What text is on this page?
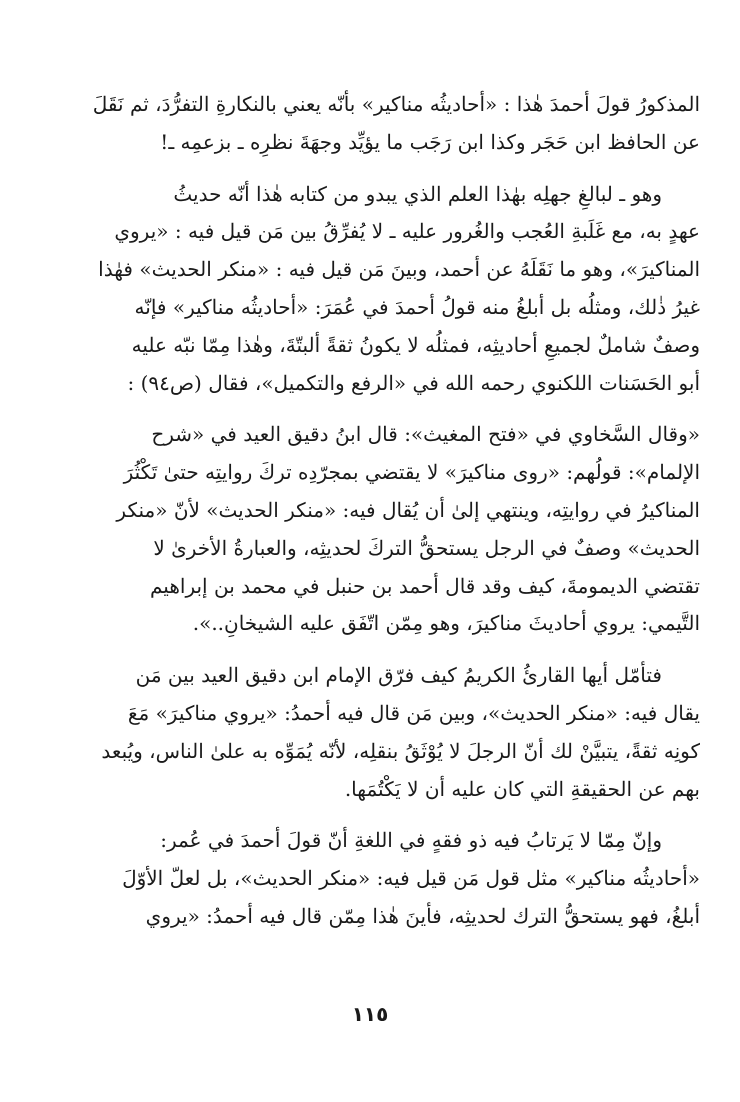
المذكورُ قولَ أحمدَ هٰذا : «أحاديثُه مناكير» بأنّه يعني بالنكارةِ التفرُّدَ، ثم نَقَلَ
عن الحافظ ابن حَجَر وكذا ابن رَجَب ما يؤيِّد وجهَةَ نظرِه ـ بزعمِه ـ!
وهو ـ لبالغِ جهلِه بهٰذا العلم الذي يبدو من كتابه هٰذا أنّه حديثُ
عهدٍ به، مع غَلَبةِ العُجب والغُرور عليه ـ لا يُفرِّقُ بين مَن قيل فيه : «يروي
المناكيرَ»، وهو ما نَقَلَهُ عن أحمد، وبينَ مَن قيل فيه : «منكر الحديث» فهٰذا
غيرُ ذٰلك، ومثلُه بل أبلغُ منه قولُ أحمدَ في عُمَرَ: «أحاديثُه مناكير» فإنّه
وصفٌ شاملٌ لجميعِ أحاديثِه، فمثلُه لا يكونُ ثقةً ألبتّةَ، وهٰذا مِمّا نبّه عليه
أبو الحَسَنات اللكنوي رحمه الله في «الرفع والتكميل»، فقال (ص٩٤) :
«وقال السَّخاوي في «فتح المغيث»: قال ابنُ دقيق العيد في «شرح
الإلمام»: قولُهم: «روى مناكيرَ» لا يقتضي بمجرّدِه تركَ روايتِه حتىٰ تَكْثُرَ
المناكيرُ في روايتِه، وينتهي إلىٰ أن يُقال فيه: «منكر الحديث» لأنّ «منكر
الحديث» وصفٌ في الرجل يستحقُّ التركَ لحديثِه، والعبارةُ الأخرىٰ لا
تقتضي الديمومةَ، كيف وقد قال أحمد بن حنبل في محمد بن إبراهيم
التَّيمي: يروي أحاديثَ مناكيرَ، وهو مِمّن اتّفَق عليه الشيخانِ..».
فتأمّل أيها القارئُ الكريمُ كيف فرّق الإمام ابن دقيق العيد بين مَن
يقال فيه: «منكر الحديث»، وبين مَن قال فيه أحمدُ: «يروي مناكيرَ» مَعَ
كونِه ثقةً، يتبيَّنْ لك أنّ الرجلَ لا يُوْثَقُ بنقلِه، لأنّه يُمَوِّه به علىٰ الناس، ويُبعد
بهم عن الحقيقةِ التي كان عليه أن لا يَكْتُمَها.
وإنّ مِمّا لا يَرتابُ فيه ذو فقهٍ في اللغةِ أنّ قولَ أحمدَ في عُمر:
«أحاديثُه مناكير» مثل قول مَن قيل فيه: «منكر الحديث»، بل لعلّ الأوّلَ
أبلغُ، فهو يستحقُّ الترك لحديثِه، فأينَ هٰذا مِمّن قال فيه أحمدُ: «يروي
١١٥
